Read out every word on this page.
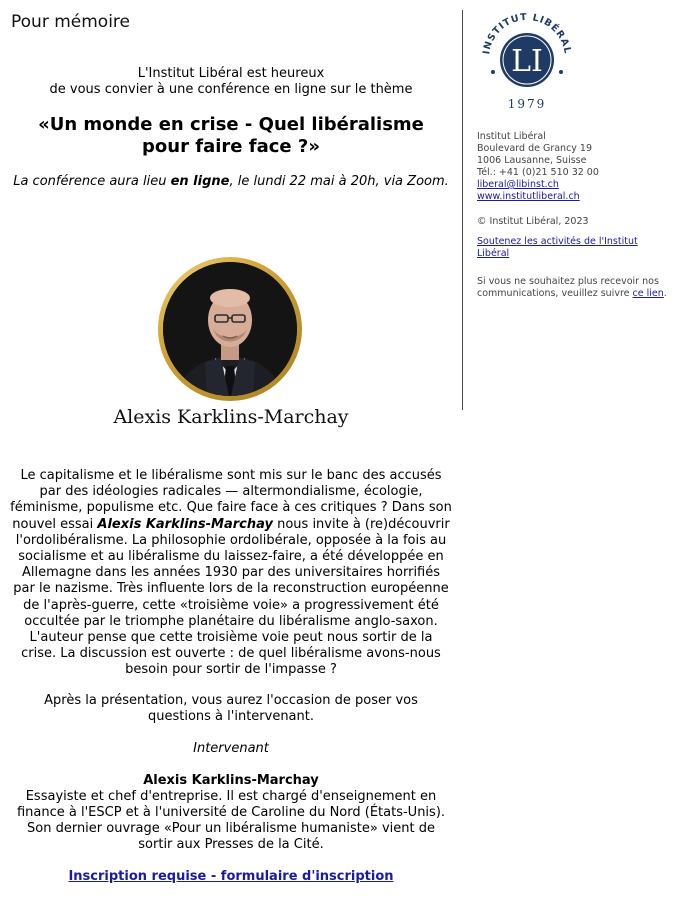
Pour mémoire
L'Institut Libéral est heureux
de vous convier à une conférence en ligne sur le thème
«Un monde en crise - Quel libéralisme
pour faire face ?»
La conférence aura lieu en ligne, le lundi 22 mai à 20h, via Zoom.
Alexis Karklins-Marchay
Le capitalisme et le libéralisme sont mis sur le banc des accusés par des idéologies radicales — altermondialisme, écologie, féminisme, populisme etc. Que faire face à ces critiques ? Dans son nouvel essai Alexis Karklins-Marchay nous invite à (re)découvrir l'ordolibéralisme. La philosophie ordolibérale, opposée à la fois au socialisme et au libéralisme du laissez-faire, a été développée en Allemagne dans les années 1930 par des universitaires horrifiés par le nazisme. Très influente lors de la reconstruction européenne de l'après-guerre, cette «troisième voie» a progressivement été occultée par le triomphe planétaire du libéralisme anglo-saxon. L'auteur pense que cette troisième voie peut nous sortir de la crise. La discussion est ouverte : de quel libéralisme avons-nous besoin pour sortir de l'impasse ?
Après la présentation, vous aurez l'occasion de poser vos
questions à l'intervenant.
Intervenant
Alexis Karklins-Marchay
Essayiste et chef d'entreprise. Il est chargé d'enseignement en
finance à l'ESCP et à l'université de Caroline du Nord (États-Unis).
Son dernier ouvrage «Pour un libéralisme humaniste» vient de
sortir aux Presses de la Cité.
Inscription requise - formulaire d'inscription
INSTITUT LIBÉRAL
LI
1979
Institut Libéral
Boulevard de Grancy 19
1006 Lausanne, Suisse
Tél.: +41 (0)21 510 32 00
liberal@libinst.ch
www.institutliberal.ch
© Institut Libéral, 2023
Soutenez les activités de l'Institut Libéral
Si vous ne souhaitez plus recevoir nos communications, veuillez suivre ce lien.
